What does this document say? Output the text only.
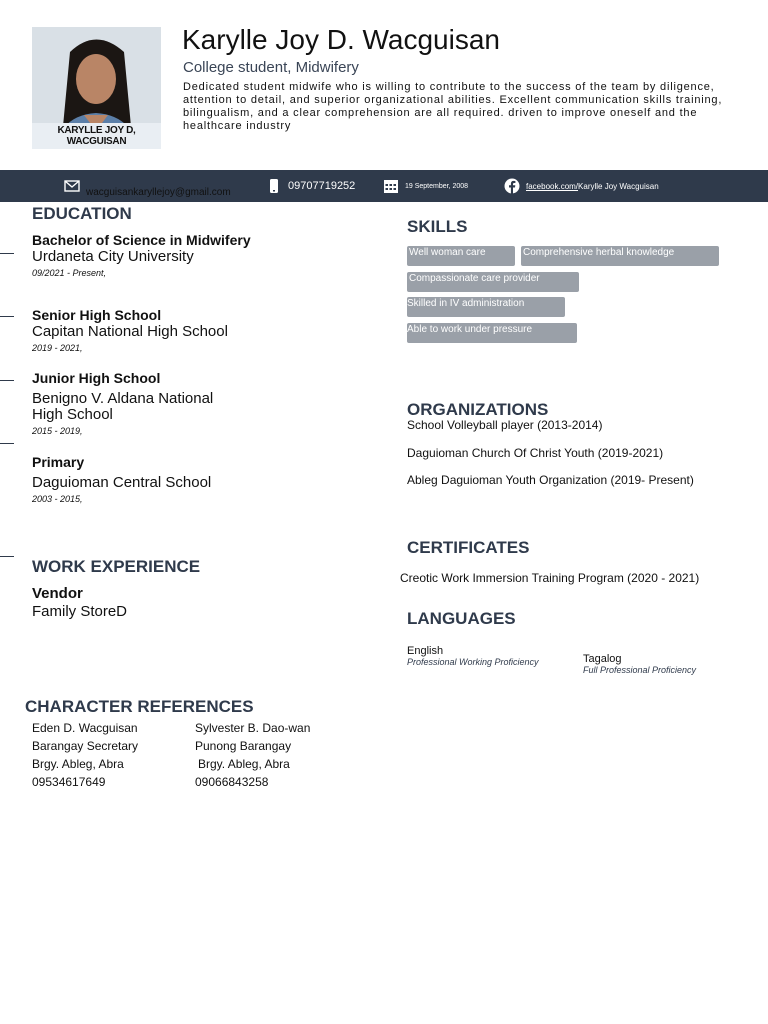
KARYLLE JOY D, WACGUISAN
Karylle Joy D. Wacguisan
College student, Midwifery
Dedicated student midwife who is willing to contribute to the success of the team by diligence, attention to detail, and superior organizational abilities. Excellent communication skills training, bilingualism, and a clear comprehension are all required. driven to improve oneself and the healthcare industry
wacguisankaryllejoy@gmail.com
09707719252	19 September, 2008	facebook.com/ Karylle Joy Wacguisan
EDUCATION
Bachelor of Science in Midwifery
Urdaneta City University
09/2021 - Present,
Senior High School
Capitan National High School
2019 - 2021,
Junior High School
Benigno V. Aldana National High School
2015 - 2019,
Primary
Daguioman Central School
2003 - 2015,
WORK EXPERIENCE
Vendor
Family StoreD
SKILLS
Well woman care	Comprehensive herbal knowledge
Compassionate care provider
Skilled in IV administration
Able to work under pressure
ORGANIZATIONS
School Volleyball player (2013-2014)
Daguioman Church Of Christ Youth (2019-2021)
Ableg Daguioman Youth Organization (2019- Present)
CERTIFICATES
Creotic Work Immersion Training Program (2020 - 2021)
LANGUAGES
English
Professional Working Proficiency	Tagalog
Full Professional Proficiency
CHARACTER REFERENCES
Eden D. Wacguisan
Barangay Secretary
Brgy. Ableg, Abra
09534617649
Sylvester B. Dao-wan
Punong Barangay
Brgy. Ableg, Abra
09066843258
